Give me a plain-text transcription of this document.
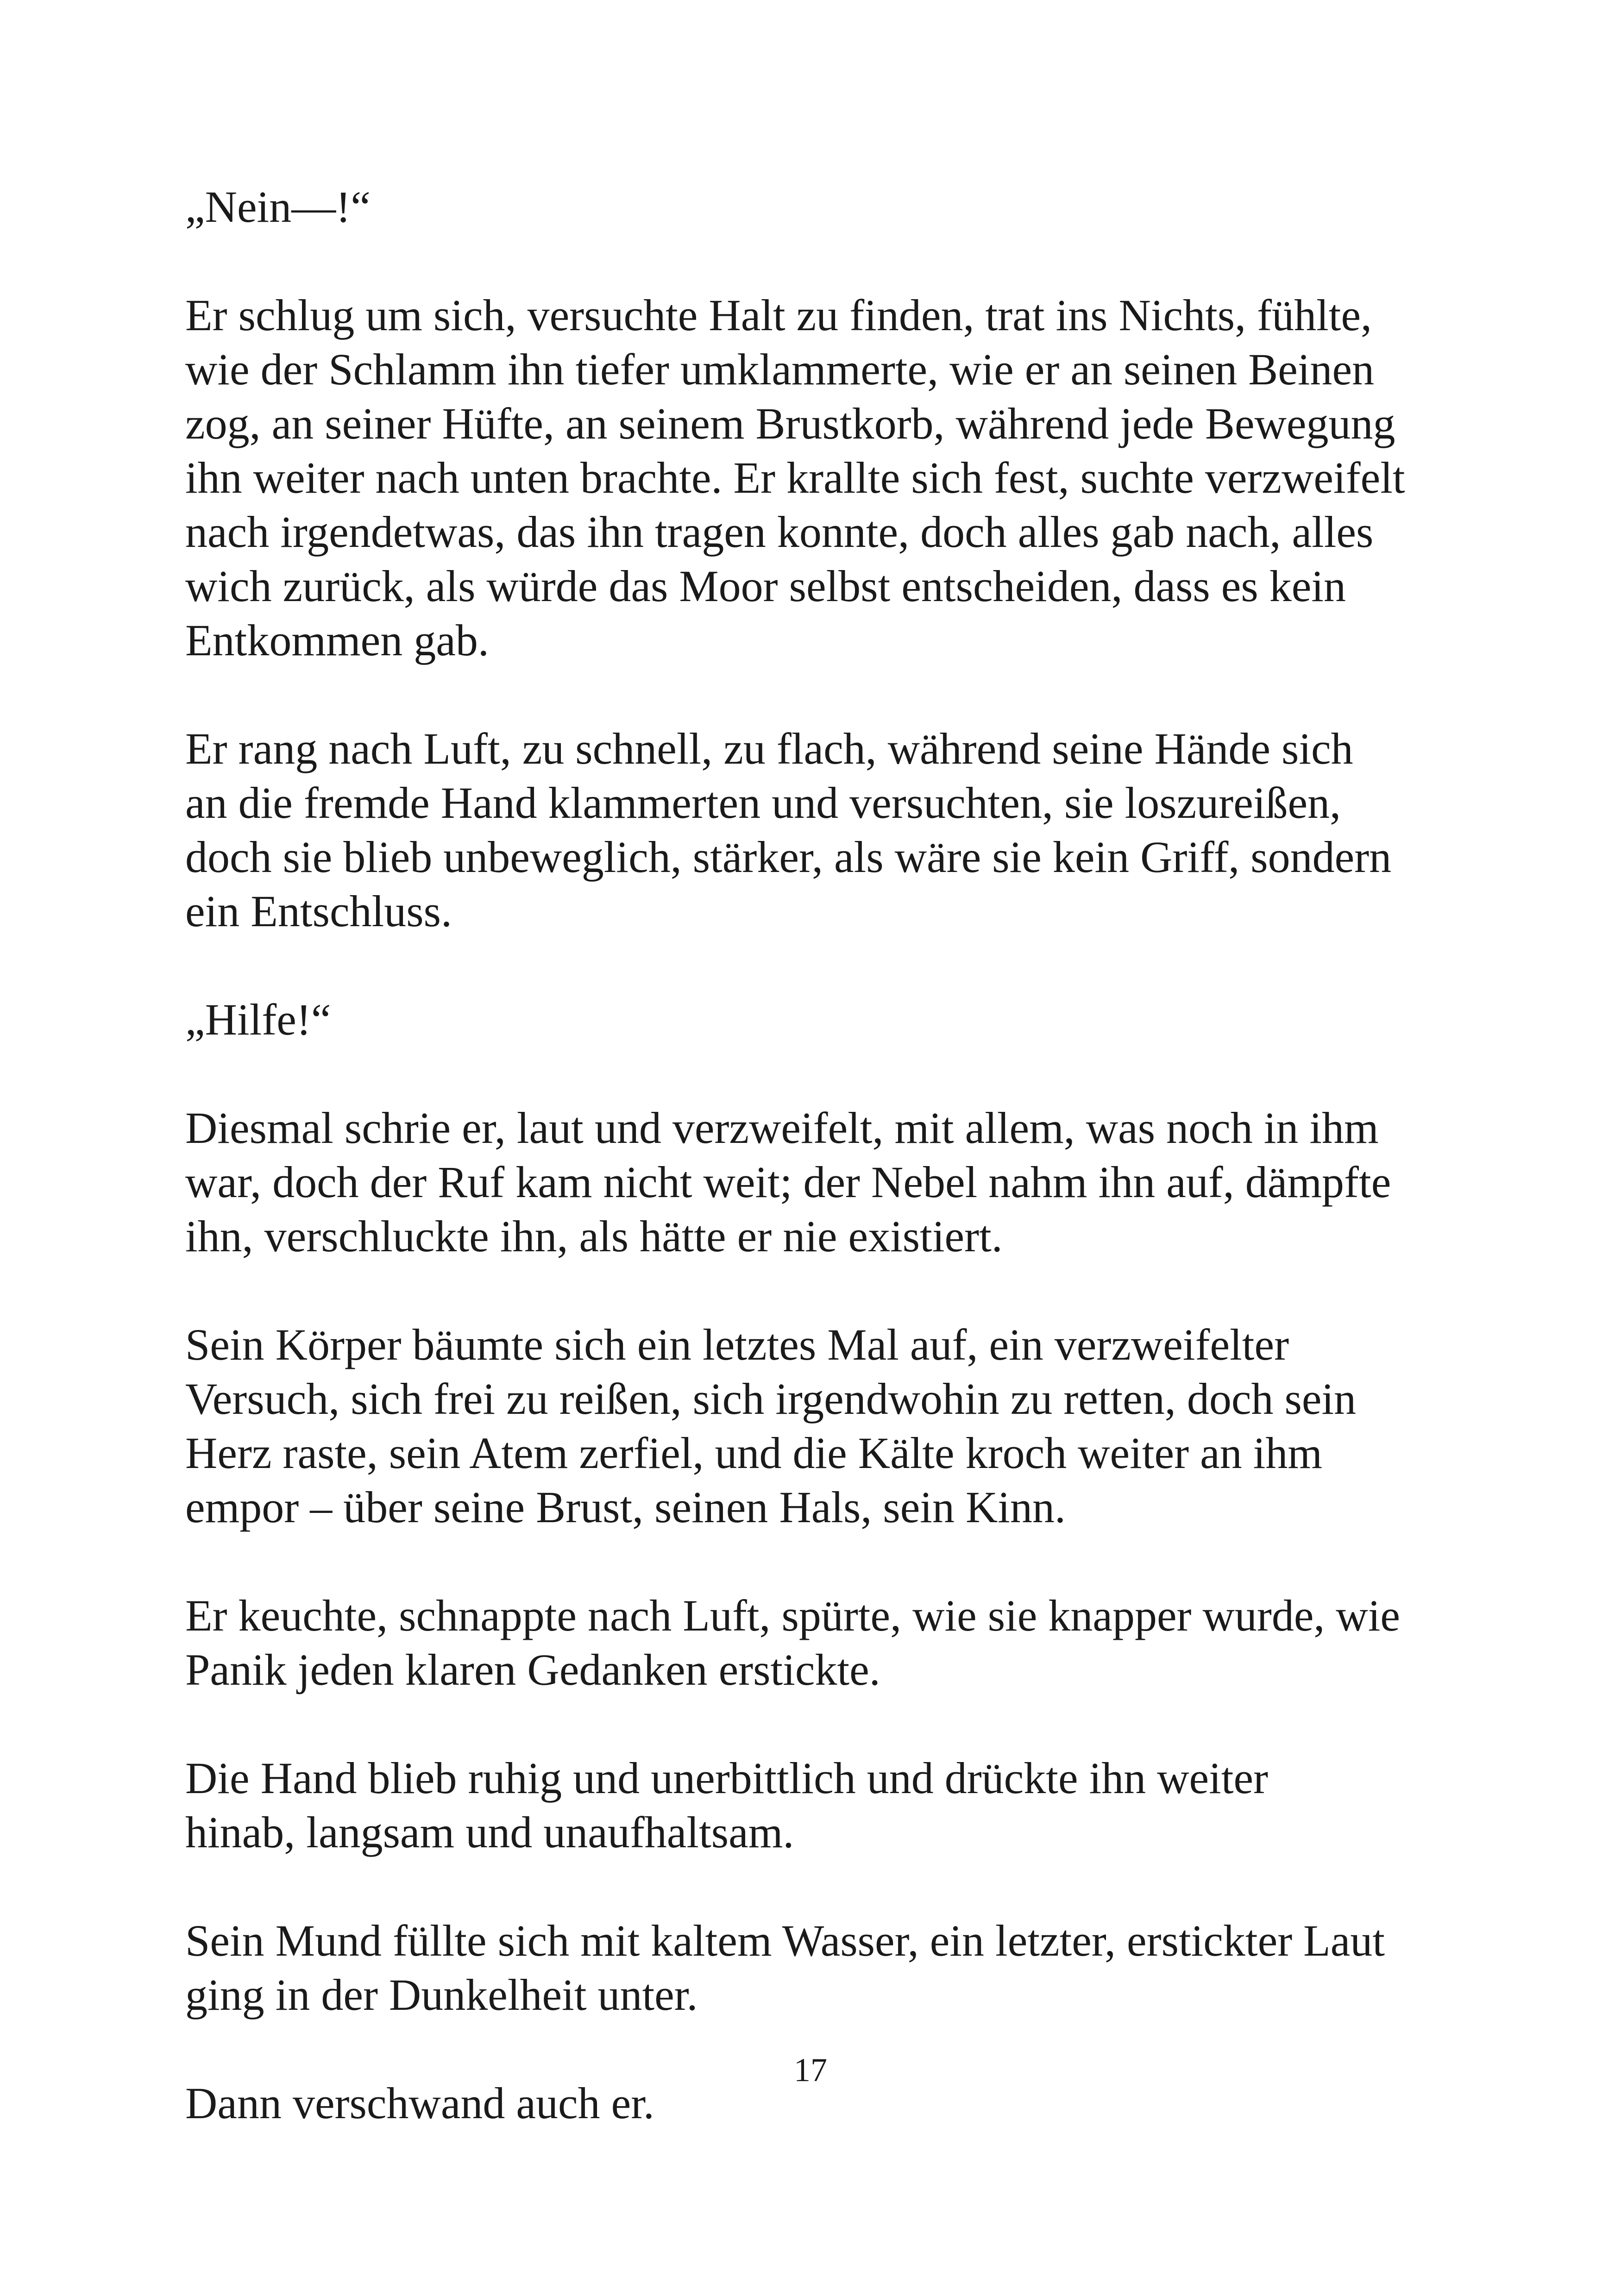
„Nein—!“

Er schlug um sich, versuchte Halt zu finden, trat ins Nichts, fühlte,
wie der Schlamm ihn tiefer umklammerte, wie er an seinen Beinen
zog, an seiner Hüfte, an seinem Brustkorb, während jede Bewegung
ihn weiter nach unten brachte. Er krallte sich fest, suchte verzweifelt
nach irgendetwas, das ihn tragen konnte, doch alles gab nach, alles
wich zurück, als würde das Moor selbst entscheiden, dass es kein
Entkommen gab.

Er rang nach Luft, zu schnell, zu flach, während seine Hände sich
an die fremde Hand klammerten und versuchten, sie loszureißen,
doch sie blieb unbeweglich, stärker, als wäre sie kein Griff, sondern
ein Entschluss.

„Hilfe!“

Diesmal schrie er, laut und verzweifelt, mit allem, was noch in ihm
war, doch der Ruf kam nicht weit; der Nebel nahm ihn auf, dämpfte
ihn, verschluckte ihn, als hätte er nie existiert.

Sein Körper bäumte sich ein letztes Mal auf, ein verzweifelter
Versuch, sich frei zu reißen, sich irgendwohin zu retten, doch sein
Herz raste, sein Atem zerfiel, und die Kälte kroch weiter an ihm
empor – über seine Brust, seinen Hals, sein Kinn.

Er keuchte, schnappte nach Luft, spürte, wie sie knapper wurde, wie
Panik jeden klaren Gedanken erstickte.

Die Hand blieb ruhig und unerbittlich und drückte ihn weiter
hinab, langsam und unaufhaltsam.

Sein Mund füllte sich mit kaltem Wasser, ein letzter, erstickter Laut
ging in der Dunkelheit unter.

Dann verschwand auch er.

17
